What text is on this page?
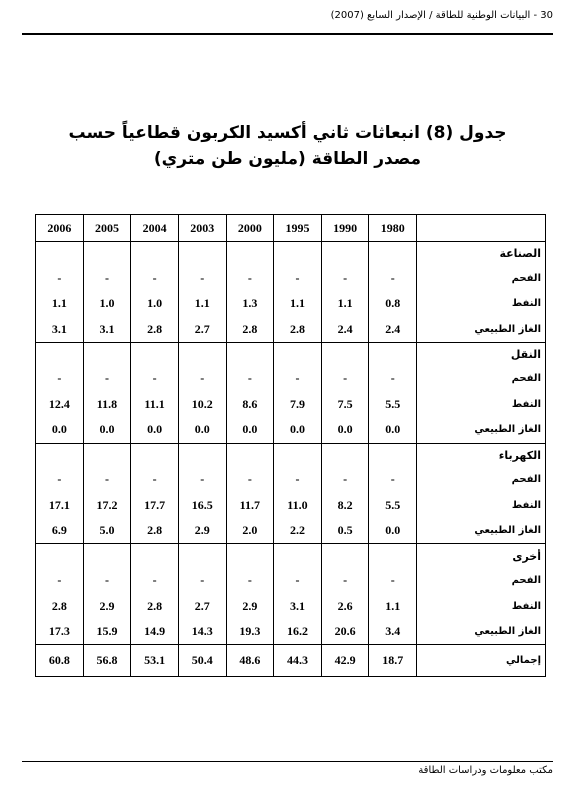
30 - البيانات الوطنية للطاقة / الإصدار السابع (2007)
جدول (8) انبعاثات ثاني أكسيد الكربون قطاعياً حسب
مصدر الطاقة (مليون طن متري)
	1980	1990	1995	2000	2003	2004	2005	2006
الصناعة								
الفحم	-	-	-	-	-	-	-	-
النفط	0.8	1.1	1.1	1.3	1.1	1.0	1.0	1.1
الغاز الطبيعي	2.4	2.4	2.8	2.8	2.7	2.8	3.1	3.1
النقل								
الفحم	-	-	-	-	-	-	-	-
النفط	5.5	7.5	7.9	8.6	10.2	11.1	11.8	12.4
الغاز الطبيعي	0.0	0.0	0.0	0.0	0.0	0.0	0.0	0.0
الكهرباء								
الفحم	-	-	-	-	-	-	-	-
النفط	5.5	8.2	11.0	11.7	16.5	17.7	17.2	17.1
الغاز الطبيعي	0.0	0.5	2.2	2.0	2.9	2.8	5.0	6.9
أخرى								
الفحم	-	-	-	-	-	-	-	-
النفط	1.1	2.6	3.1	2.9	2.7	2.8	2.9	2.8
الغاز الطبيعي	3.4	20.6	16.2	19.3	14.3	14.9	15.9	17.3
إجمالي	18.7	42.9	44.3	48.6	50.4	53.1	56.8	60.8
مكتب معلومات ودراسات الطاقة
